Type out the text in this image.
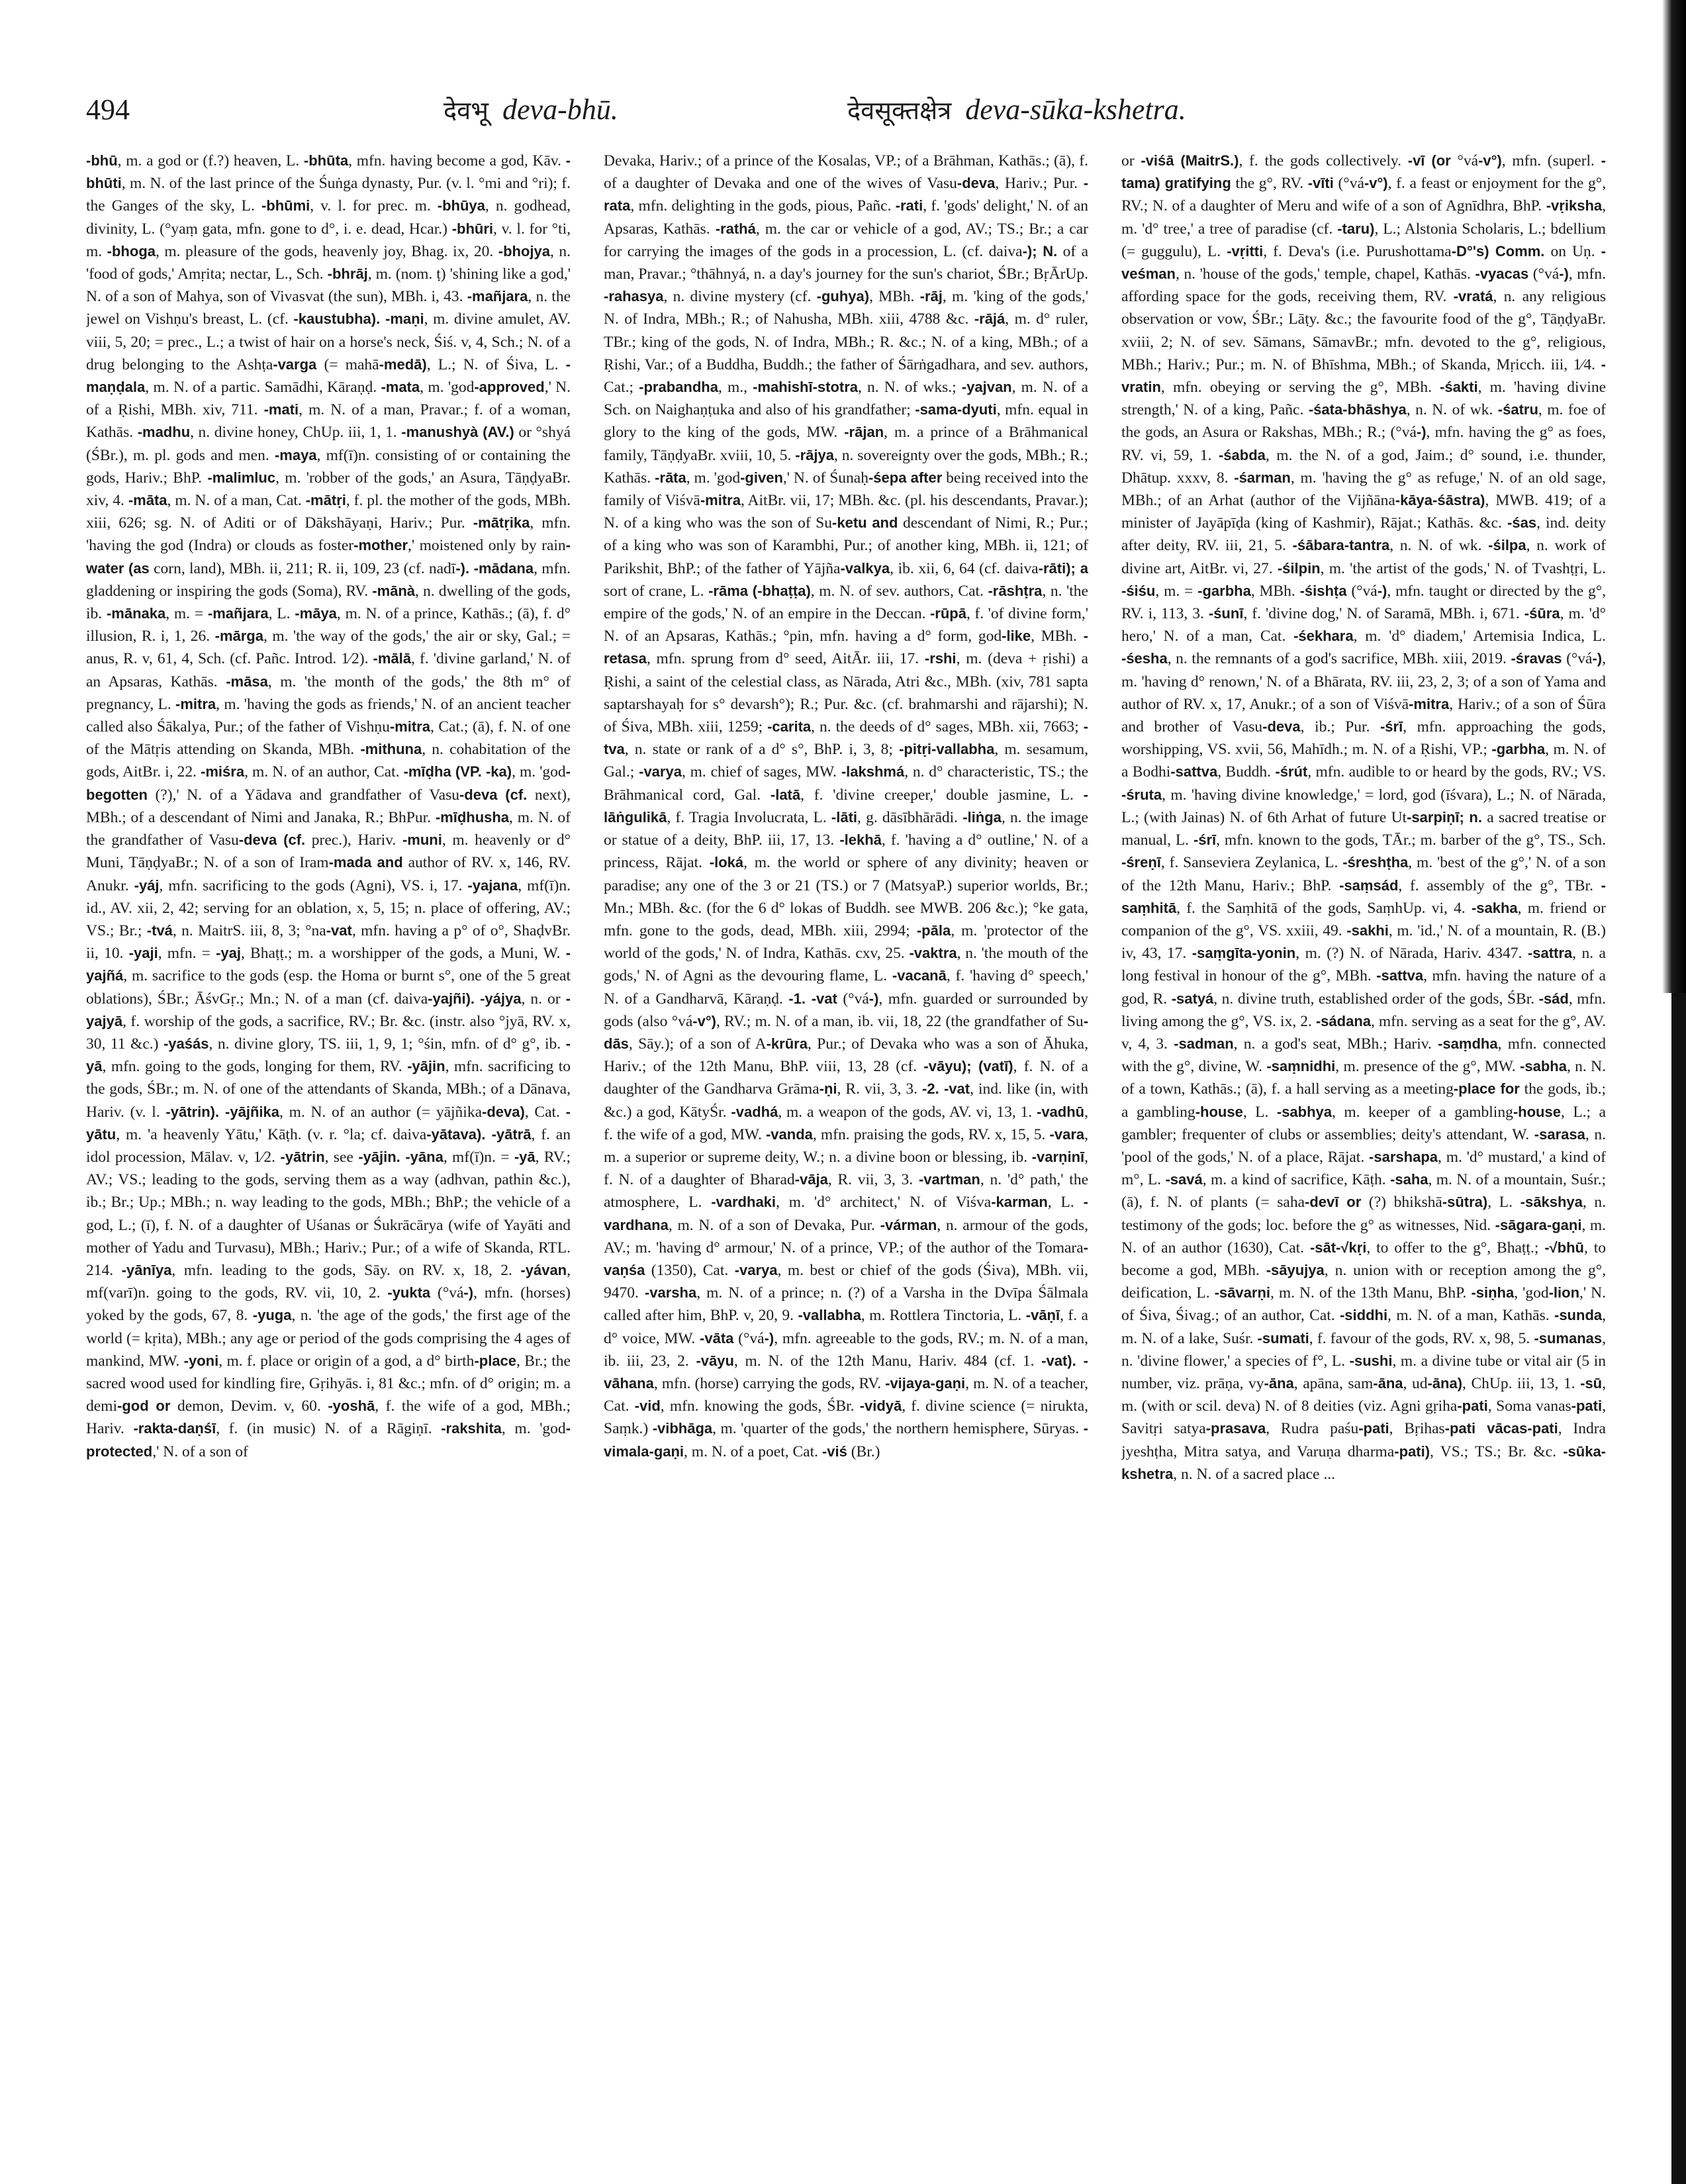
494	देवभू deva-bhū.	देवसूक्तक्षेत्र deva-sūka-kshetra.

-bhū, m. a god or (f.?) heaven, L. -bhūta, mfn. having become a god, Kāv. -bhūti, m. N. of the last prince of the Śuṅga dynasty, Pur. (v. l. °mi and °ri); f. the Ganges of the sky, L. -bhūmi, v. l. for prec. m. -bhūya, n. godhead, divinity, L. (°yaṃ gata, mfn. gone to d°, i. e. dead, Hcar.) -bhūri, v. l. for °ti, m. -bhoga, m. pleasure of the gods, heavenly joy, Bhag. ix, 20. -bhojya, n. 'food of gods,' Amṛita; nectar, L., Sch. -bhrāj, m. (nom. ṭ) 'shining like a god,' N. of a son of Mahya, son of Vivasvat (the sun), MBh. i, 43. -mañjara, n. the jewel on Vishṇu's breast, L. (cf. -kaustubha). -maṇi, m. divine amulet, AV. viii, 5, 20; = prec., L.; a twist of hair on a horse's neck, Śiś. v, 4, Sch.; N. of a drug belonging to the Ashṭa-varga (= mahā-medā), L.; N. of Śiva, L. -maṇḍala, m. N. of a partic. Samādhi, Kāraṇḍ. -mata, m. 'god-approved,' N. of a Ṛishi, MBh. xiv, 711. -mati, m. N. of a man, Pravar.; f. of a woman, Kathās. -madhu, n. divine honey, ChUp. iii, 1, 1. -manushyà (AV.) or °shyá (ŚBr.), m. pl. gods and men. -maya, mf(ī)n. consisting of or containing the gods, Hariv.; BhP. -malimluc, m. 'robber of the gods,' an Asura, TāṇḍyaBr. xiv, 4. -māta, m. N. of a man, Cat. -mātṛi, f. pl. the mother of the gods, MBh. xiii, 626; sg. N. of Aditi or of Dākshāyaṇi, Hariv.; Pur. -mātṛika, mfn. 'having the god (Indra) or clouds as foster-mother,' moistened only by rain-water (as corn, land), MBh. ii, 211; R. ii, 109, 23 (cf. nadī-). -mādana, mfn. gladdening or inspiring the gods (Soma), RV. -mānà, n. dwelling of the gods, ib. -mānaka, m. = -mañjara, L. -māya, m. N. of a prince, Kathās.; (ā), f. d° illusion, R. i, 1, 26. -mārga, m. 'the way of the gods,' the air or sky, Gal.; = anus, R. v, 61, 4, Sch. (cf. Pañc. Introd. 1⁄2). -mālā, f. 'divine garland,' N. of an Apsaras, Kathās. -māsa, m. 'the month of the gods,' the 8th m° of pregnancy, L. -mitra, m. 'having the gods as friends,' N. of an ancient teacher called also Śākalya, Pur.; of the father of Vishṇu-mitra, Cat.; (ā), f. N. of one of the Mātṛis attending on Skanda, MBh. -mithuna, n. cohabitation of the gods, AitBr. i, 22. -miśra, m. N. of an author, Cat. -mīḍha (VP. -ka), m. 'god-begotten (?),' N. of a Yādava and grandfather of Vasu-deva (cf. next), MBh.; of a descendant of Nimi and Janaka, R.; BhPur. -mīḍhusha, m. N. of the grandfather of Vasu-deva (cf. prec.), Hariv. -muni, m. heavenly or d° Muni, TāṇḍyaBr.; N. of a son of Iram-mada and author of RV. x, 146, RV. Anukr. -yáj, mfn. sacrificing to the gods (Agni), VS. i, 17. -yajana, mf(ī)n. id., AV. xii, 2, 42; serving for an oblation, x, 5, 15; n. place of offering, AV.; VS.; Br.; -tvá, n. MaitrS. iii, 8, 3; °na-vat, mfn. having a p° of o°, ShaḍvBr. ii, 10. -yaji, mfn. = -yaj, Bhaṭṭ.; m. a worshipper of the gods, a Muni, W. -yajñá, m. sacrifice to the gods (esp. the Homa or burnt s°, one of the 5 great oblations), ŚBr.; ĀśvGṛ.; Mn.; N. of a man (cf. daiva-yajñi). -yájya, n. or -yajyā, f. worship of the gods, a sacrifice, RV.; Br. &c. (instr. also °jyā, RV. x, 30, 11 &c.) -yaśás, n. divine glory, TS. iii, 1, 9, 1; °śin, mfn. of d° g°, ib. -yā, mfn. going to the gods, longing for them, RV. -yājin, mfn. sacrificing to the gods, ŚBr.; m. N. of one of the attendants of Skanda, MBh.; of a Dānava, Hariv. (v. l. -yātrin). -yājñika, m. N. of an author (= yājñika-deva), Cat. -yātu, m. 'a heavenly Yātu,' Kāṭh. (v. r. °la; cf. daiva-yātava). -yātrā, f. an idol procession, Mālav. v, 1⁄2. -yātrin, see -yājin. -yāna, mf(ī)n. = -yā, RV.; AV.; VS.; leading to the gods, serving them as a way (adhvan, pathin &c.), ib.; Br.; Up.; MBh.; n. way leading to the gods, MBh.; BhP.; the vehicle of a god, L.; (ī), f. N. of a daughter of Uśanas or Śukrācārya (wife of Yayāti and mother of Yadu and Turvasu), MBh.; Hariv.; Pur.; of a wife of Skanda, RTL. 214. -yānīya, mfn. leading to the gods, Sāy. on RV. x, 18, 2. -yávan, mf(varī)n. going to the gods, RV. vii, 10, 2. -yukta (°vá-), mfn. (horses) yoked by the gods, 67, 8. -yuga, n. 'the age of the gods,' the first age of the world (= kṛita), MBh.; any age or period of the gods comprising the 4 ages of mankind, MW. -yoni, m. f. place or origin of a god, a d° birth-place, Br.; the sacred wood used for kindling fire, Gṛihyās. i, 81 &c.; mfn. of d° origin; m. a demi-god or demon, Devim. v, 60. -yoshā, f. the wife of a god, MBh.; Hariv. -rakta-daṇśī, f. (in music) N. of a Rāgiṇī. -rakshita, m. 'god-protected,' N. of a son of

Devaka, Hariv.; of a prince of the Kosalas, VP.; of a Brāhman, Kathās.; (ā), f. of a daughter of Devaka and one of the wives of Vasu-deva, Hariv.; Pur. -rata, mfn. delighting in the gods, pious, Pañc. -rati, f. 'gods' delight,' N. of an Apsaras, Kathās. -rathá, m. the car or vehicle of a god, AV.; TS.; Br.; a car for carrying the images of the gods in a procession, L. (cf. daiva-); N. of a man, Pravar.; °thāhnyá, n. a day's journey for the sun's chariot, ŚBr.; BṛĀrUp. -rahasya, n. divine mystery (cf. -guhya), MBh. -rāj, m. 'king of the gods,' N. of Indra, MBh.; R.; of Nahusha, MBh. xiii, 4788 &c. -rājá, m. d° ruler, TBr.; king of the gods, N. of Indra, MBh.; R. &c.; N. of a king, MBh.; of a Ṛishi, Var.; of a Buddha, Buddh.; the father of Śārṅgadhara, and sev. authors, Cat.; -prabandha, m., -mahishī-stotra, n. N. of wks.; -yajvan, m. N. of a Sch. on Naighaṇṭuka and also of his grandfather; -sama-dyuti, mfn. equal in glory to the king of the gods, MW. -rājan, m. a prince of a Brāhmanical family, TāṇḍyaBr. xviii, 10, 5. -rājya, n. sovereignty over the gods, MBh.; R.; Kathās. -rāta, m. 'god-given,' N. of Śunaḥ-śepa after being received into the family of Viśvā-mitra, AitBr. vii, 17; MBh. &c. (pl. his descendants, Pravar.); N. of a king who was the son of Su-ketu and descendant of Nimi, R.; Pur.; of a king who was son of Karambhi, Pur.; of another king, MBh. ii, 121; of Parikshit, BhP.; of the father of Yājña-valkya, ib. xii, 6, 64 (cf. daiva-rāti); a sort of crane, L. -rāma (-bhaṭṭa), m. N. of sev. authors, Cat. -rāshṭra, n. 'the empire of the gods,' N. of an empire in the Deccan. -rūpā, f. 'of divine form,' N. of an Apsaras, Kathās.; °pin, mfn. having a d° form, god-like, MBh. -retasa, mfn. sprung from d° seed, AitĀr. iii, 17. -rshi, m. (deva + ṛishi) a Ṛishi, a saint of the celestial class, as Nārada, Atri &c., MBh. (xiv, 781 sapta saptarshayaḥ for s° devarsh°); R.; Pur. &c. (cf. brahmarshi and rājarshi); N. of Śiva, MBh. xiii, 1259; -carita, n. the deeds of d° sages, MBh. xii, 7663; -tva, n. state or rank of a d° s°, BhP. i, 3, 8; -pitṛi-vallabha, m. sesamum, Gal.; -varya, m. chief of sages, MW. -lakshmá, n. d° characteristic, TS.; the Brāhmanical cord, Gal. -latā, f. 'divine creeper,' double jasmine, L. -lāṅgulikā, f. Tragia Involucrata, L. -lāti, g. dāsībhārādi. -liṅga, n. the image or statue of a deity, BhP. iii, 17, 13. -lekhā, f. 'having a d° outline,' N. of a princess, Rājat. -loká, m. the world or sphere of any divinity; heaven or paradise; any one of the 3 or 21 (TS.) or 7 (MatsyaP.) superior worlds, Br.; Mn.; MBh. &c. (for the 6 d° lokas of Buddh. see MWB. 206 &c.); °ke gata, mfn. gone to the gods, dead, MBh. xiii, 2994; -pāla, m. 'protector of the world of the gods,' N. of Indra, Kathās. cxv, 25. -vaktra, n. 'the mouth of the gods,' N. of Agni as the devouring flame, L. -vacanā, f. 'having d° speech,' N. of a Gandharvā, Kāraṇḍ. -1. -vat (°vá-), mfn. guarded or surrounded by gods (also °vá-v°), RV.; m. N. of a man, ib. vii, 18, 22 (the grandfather of Su-dās, Sāy.); of a son of A-krūra, Pur.; of Devaka who was a son of Āhuka, Hariv.; of the 12th Manu, BhP. viii, 13, 28 (cf. -vāyu); (vatī), f. N. of a daughter of the Gandharva Grāma-ṇi, R. vii, 3, 3. -2. -vat, ind. like (in, with &c.) a god, KātyŚr. -vadhá, m. a weapon of the gods, AV. vi, 13, 1. -vadhū, f. the wife of a god, MW. -vanda, mfn. praising the gods, RV. x, 15, 5. -vara, m. a superior or supreme deity, W.; n. a divine boon or blessing, ib. -varṇinī, f. N. of a daughter of Bharad-vāja, R. vii, 3, 3. -vartman, n. 'd° path,' the atmosphere, L. -vardhaki, m. 'd° architect,' N. of Viśva-karman, L. -vardhana, m. N. of a son of Devaka, Pur. -várman, n. armour of the gods, AV.; m. 'having d° armour,' N. of a prince, VP.; of the author of the Tomara-vaṇśa (1350), Cat. -varya, m. best or chief of the gods (Śiva), MBh. vii, 9470. -varsha, m. N. of a prince; n. (?) of a Varsha in the Dvīpa Śālmala called after him, BhP. v, 20, 9. -vallabha, m. Rottlera Tinctoria, L. -vāṇī, f. a d° voice, MW. -vāta (°vá-), mfn. agreeable to the gods, RV.; m. N. of a man, ib. iii, 23, 2. -vāyu, m. N. of the 12th Manu, Hariv. 484 (cf. 1. -vat). -vāhana, mfn. (horse) carrying the gods, RV. -vijaya-gaṇi, m. N. of a teacher, Cat. -vid, mfn. knowing the gods, ŚBr. -vidyā, f. divine science (= nirukta, Saṃk.) -vibhāga, m. 'quarter of the gods,' the northern hemisphere, Sūryas. -vimala-gaṇi, m. N. of a poet, Cat. -viś (Br.)

or -viśā (MaitrS.), f. the gods collectively. -vī (or °vá-v°), mfn. (superl. -tama) gratifying the g°, RV. -vīti (°vá-v°), f. a feast or enjoyment for the g°, RV.; N. of a daughter of Meru and wife of a son of Agnīdhra, BhP. -vṛiksha, m. 'd° tree,' a tree of paradise (cf. -taru), L.; Alstonia Scholaris, L.; bdellium (= guggulu), L. -vṛitti, f. Deva's (i.e. Purushottama-D°'s) Comm. on Uṇ. -veśman, n. 'house of the gods,' temple, chapel, Kathās. -vyacas (°vá-), mfn. affording space for the gods, receiving them, RV. -vratá, n. any religious observation or vow, ŚBr.; Lāṭy. &c.; the favourite food of the g°, TāṇḍyaBr. xviii, 2; N. of sev. Sāmans, SāmavBr.; mfn. devoted to the g°, religious, MBh.; Hariv.; Pur.; m. N. of Bhīshma, MBh.; of Skanda, Mṛicch. iii, 1⁄4. -vratin, mfn. obeying or serving the g°, MBh. -śakti, m. 'having divine strength,' N. of a king, Pañc. -śata-bhāshya, n. N. of wk. -śatru, m. foe of the gods, an Asura or Rakshas, MBh.; R.; (°vá-), mfn. having the g° as foes, RV. vi, 59, 1. -śabda, m. the N. of a god, Jaim.; d° sound, i.e. thunder, Dhātup. xxxv, 8. -śarman, m. 'having the g° as refuge,' N. of an old sage, MBh.; of an Arhat (author of the Vijñāna-kāya-śāstra), MWB. 419; of a minister of Jayāpīḍa (king of Kashmir), Rājat.; Kathās. &c. -śas, ind. deity after deity, RV. iii, 21, 5. -śābara-tantra, n. N. of wk. -śilpa, n. work of divine art, AitBr. vi, 27. -śilpin, m. 'the artist of the gods,' N. of Tvashṭṛi, L. -śiśu, m. = -garbha, MBh. -śishṭa (°vá-), mfn. taught or directed by the g°, RV. i, 113, 3. -śunī, f. 'divine dog,' N. of Saramā, MBh. i, 671. -śūra, m. 'd° hero,' N. of a man, Cat. -śekhara, m. 'd° diadem,' Artemisia Indica, L. -śesha, n. the remnants of a god's sacrifice, MBh. xiii, 2019. -śravas (°vá-), m. 'having d° renown,' N. of a Bhārata, RV. iii, 23, 2, 3; of a son of Yama and author of RV. x, 17, Anukr.; of a son of Viśvā-mitra, Hariv.; of a son of Śūra and brother of Vasu-deva, ib.; Pur. -śrī, mfn. approaching the gods, worshipping, VS. xvii, 56, Mahīdh.; m. N. of a Ṛishi, VP.; -garbha, m. N. of a Bodhi-sattva, Buddh. -śrút, mfn. audible to or heard by the gods, RV.; VS. -śruta, m. 'having divine knowledge,' = lord, god (īśvara), L.; N. of Nārada, L.; (with Jainas) N. of 6th Arhat of future Ut-sarpiṇī; n. a sacred treatise or manual, L. -śrī, mfn. known to the gods, TĀr.; m. barber of the g°, TS., Sch. -śreṇī, f. Sanseviera Zeylanica, L. -śreshṭha, m. 'best of the g°,' N. of a son of the 12th Manu, Hariv.; BhP. -saṃsád, f. assembly of the g°, TBr. -saṃhitā, f. the Saṃhitā of the gods, SaṃhUp. vi, 4. -sakha, m. friend or companion of the g°, VS. xxiii, 49. -sakhi, m. 'id.,' N. of a mountain, R. (B.) iv, 43, 17. -saṃgīta-yonin, m. (?) N. of Nārada, Hariv. 4347. -sattra, n. a long festival in honour of the g°, MBh. -sattva, mfn. having the nature of a god, R. -satyá, n. divine truth, established order of the gods, ŚBr. -sád, mfn. living among the g°, VS. ix, 2. -sádana, mfn. serving as a seat for the g°, AV. v, 4, 3. -sadman, n. a god's seat, MBh.; Hariv. -saṃdha, mfn. connected with the g°, divine, W. -saṃnidhi, m. presence of the g°, MW. -sabha, n. N. of a town, Kathās.; (ā), f. a hall serving as a meeting-place for the gods, ib.; a gambling-house, L. -sabhya, m. keeper of a gambling-house, L.; a gambler; frequenter of clubs or assemblies; deity's attendant, W. -sarasa, n. 'pool of the gods,' N. of a place, Rājat. -sarshapa, m. 'd° mustard,' a kind of m°, L. -savá, m. a kind of sacrifice, Kāṭh. -saha, m. N. of a mountain, Suśr.; (ā), f. N. of plants (= saha-devī or (?) bhikshā-sūtra), L. -sākshya, n. testimony of the gods; loc. before the g° as witnesses, Nid. -sāgara-gaṇi, m. N. of an author (1630), Cat. -sāt-√kṛi, to offer to the g°, Bhaṭṭ.; -√bhū, to become a god, MBh. -sāyujya, n. union with or reception among the g°, deification, L. -sāvarṇi, m. N. of the 13th Manu, BhP. -siṇha, 'god-lion,' N. of Śiva, Śivag.; of an author, Cat. -siddhi, m. N. of a man, Kathās. -sunda, m. N. of a lake, Suśr. -sumati, f. favour of the gods, RV. x, 98, 5. -sumanas, n. 'divine flower,' a species of f°, L. -sushi, m. a divine tube or vital air (5 in number, viz. prāṇa, vy-āna, apāna, sam-āna, ud-āna), ChUp. iii, 13, 1. -sū, m. (with or scil. deva) N. of 8 deities (viz. Agni gṛiha-pati, Soma vanas-pati, Savitṛi satya-prasava, Rudra paśu-pati, Bṛihas-pati vācas-pati, Indra jyeshṭha, Mitra satya, and Varuṇa dharma-pati), VS.; TS.; Br. &c. -sūka-kshetra, n. N. of a sacred place ...
